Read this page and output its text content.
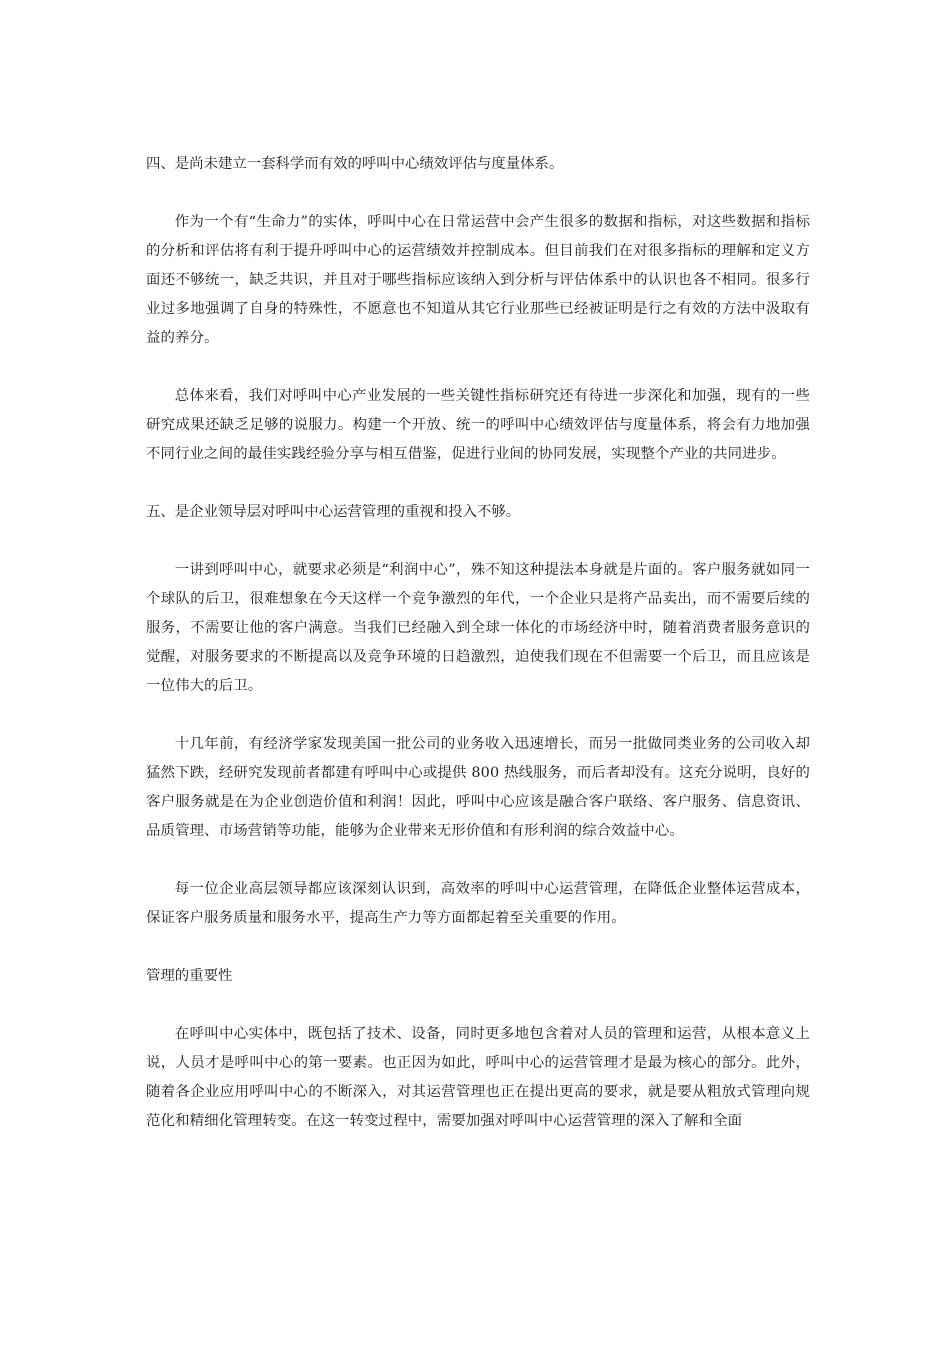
四、是尚未建立一套科学而有效的呼叫中心绩效评估与度量体系。

作为一个有“生命力”的实体，呼叫中心在日常运营中会产生很多的数据和指标，对这些数据和指标的分析和评估将有利于提升呼叫中心的运营绩效并控制成本。但目前我们在对很多指标的理解和定义方面还不够统一，缺乏共识，并且对于哪些指标应该纳入到分析与评估体系中的认识也各不相同。很多行业过多地强调了自身的特殊性，不愿意也不知道从其它行业那些已经被证明是行之有效的方法中汲取有益的养分。

总体来看，我们对呼叫中心产业发展的一些关键性指标研究还有待进一步深化和加强，现有的一些研究成果还缺乏足够的说服力。构建一个开放、统一的呼叫中心绩效评估与度量体系，将会有力地加强不同行业之间的最佳实践经验分享与相互借鉴，促进行业间的协同发展，实现整个产业的共同进步。

五、是企业领导层对呼叫中心运营管理的重视和投入不够。

一讲到呼叫中心，就要求必须是“利润中心”，殊不知这种提法本身就是片面的。客户服务就如同一个球队的后卫，很难想象在今天这样一个竞争激烈的年代，一个企业只是将产品卖出，而不需要后续的服务，不需要让他的客户满意。当我们已经融入到全球一体化的市场经济中时，随着消费者服务意识的觉醒，对服务要求的不断提高以及竞争环境的日趋激烈，迫使我们现在不但需要一个后卫，而且应该是一位伟大的后卫。

十几年前，有经济学家发现美国一批公司的业务收入迅速增长，而另一批做同类业务的公司收入却猛然下跌，经研究发现前者都建有呼叫中心或提供 800 热线服务，而后者却没有。这充分说明，良好的客户服务就是在为企业创造价值和利润！因此，呼叫中心应该是融合客户联络、客户服务、信息资讯、品质管理、市场营销等功能，能够为企业带来无形价值和有形利润的综合效益中心。

每一位企业高层领导都应该深刻认识到，高效率的呼叫中心运营管理，在降低企业整体运营成本，保证客户服务质量和服务水平，提高生产力等方面都起着至关重要的作用。

管理的重要性

在呼叫中心实体中，既包括了技术、设备，同时更多地包含着对人员的管理和运营，从根本意义上说，人员才是呼叫中心的第一要素。也正因为如此，呼叫中心的运营管理才是最为核心的部分。此外，随着各企业应用呼叫中心的不断深入，对其运营管理也正在提出更高的要求，就是要从粗放式管理向规范化和精细化管理转变。在这一转变过程中，需要加强对呼叫中心运营管理的深入了解和全面
